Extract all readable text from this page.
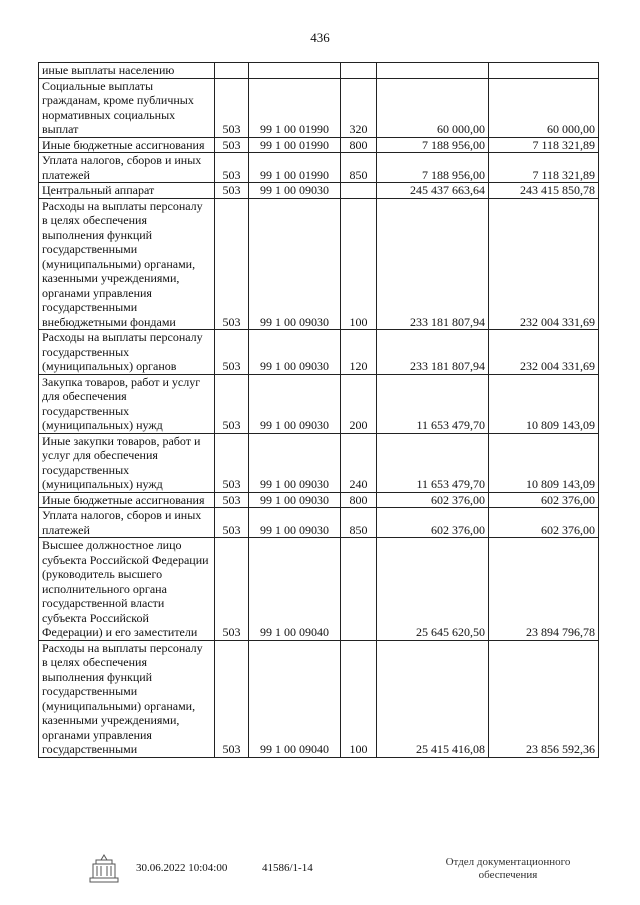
436
иные выплаты населению					
Социальные выплаты гражданам, кроме публичных нормативных социальных выплат	503	99 1 00 01990	320	60 000,00	60 000,00
Иные бюджетные ассигнования	503	99 1 00 01990	800	7 188 956,00	7 118 321,89
Уплата налогов, сборов и иных платежей	503	99 1 00 01990	850	7 188 956,00	7 118 321,89
Центральный аппарат	503	99 1 00 09030		245 437 663,64	243 415 850,78
Расходы на выплаты персоналу в целях обеспечения выполнения функций государственными (муниципальными) органами, казенными учреждениями, органами управления государственными внебюджетными фондами	503	99 1 00 09030	100	233 181 807,94	232 004 331,69
Расходы на выплаты персоналу государственных (муниципальных) органов	503	99 1 00 09030	120	233 181 807,94	232 004 331,69
Закупка товаров, работ и услуг для обеспечения государственных (муниципальных) нужд	503	99 1 00 09030	200	11 653 479,70	10 809 143,09
Иные закупки товаров, работ и услуг для обеспечения государственных (муниципальных) нужд	503	99 1 00 09030	240	11 653 479,70	10 809 143,09
Иные бюджетные ассигнования	503	99 1 00 09030	800	602 376,00	602 376,00
Уплата налогов, сборов и иных платежей	503	99 1 00 09030	850	602 376,00	602 376,00
Высшее должностное лицо субъекта Российской Федерации (руководитель высшего исполнительного органа государственной власти субъекта Российской Федерации) и его заместители	503	99 1 00 09040		25 645 620,50	23 894 796,78
Расходы на выплаты персоналу в целях обеспечения выполнения функций государственными (муниципальными) органами, казенными учреждениями, органами управления государственными	503	99 1 00 09040	100	25 415 416,08	23 856 592,36
30.06.2022 10:04:00	41586/1-14	Отдел документационного
обеспечения
